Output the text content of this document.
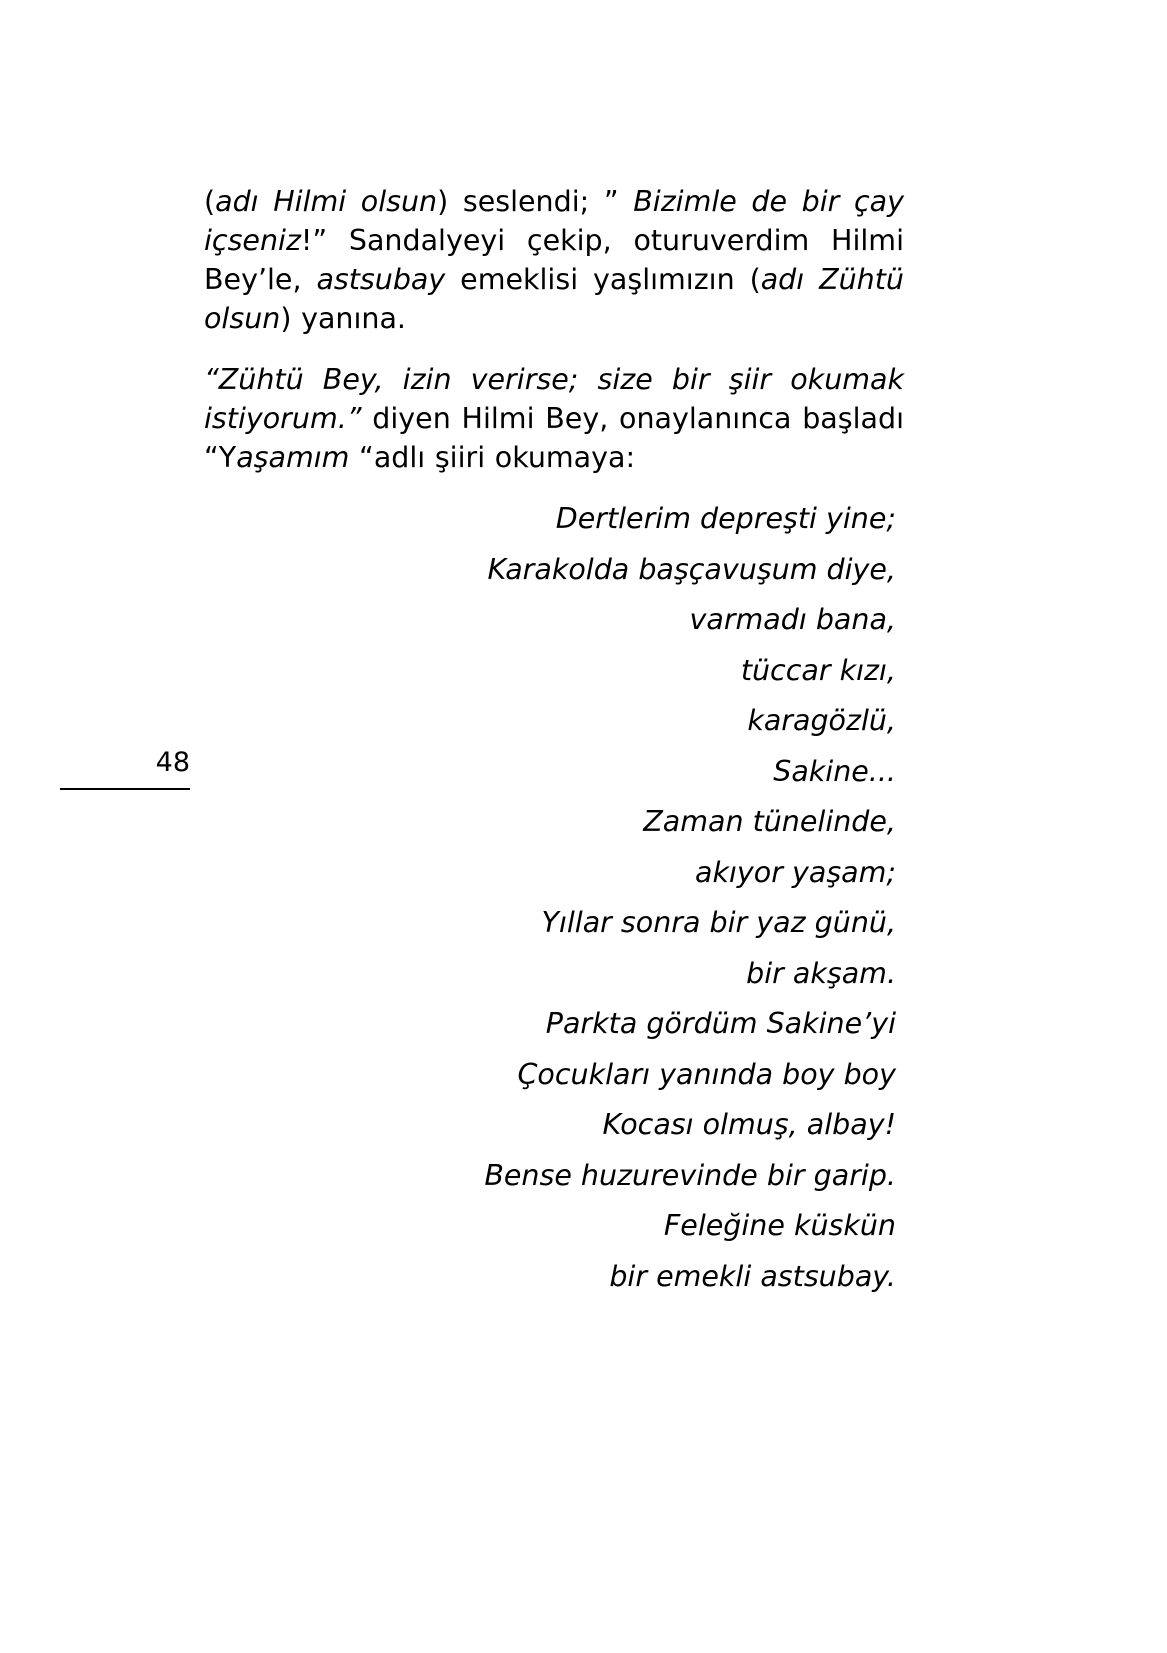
48

(adı Hilmi olsun) seslendi; ” Bizimle de bir çay içseniz!” Sandalyeyi çekip, oturuverdim Hilmi Bey’le, astsubay emeklisi yaşlımızın (adı Zühtü olsun) yanına.

“Zühtü Bey, izin verirse; size bir şiir okumak istiyorum.” diyen Hilmi Bey, onaylanınca başladı “Yaşamım “adlı şiiri okumaya:

Dertlerim depreşti yine;
Karakolda başçavuşum diye,
varmadı bana,
tüccar kızı,
karagözlü,
Sakine...
Zaman tünelinde,
akıyor yaşam;
Yıllar sonra bir yaz günü,
bir akşam.
Parkta gördüm Sakine’yi
Çocukları yanında boy boy
Kocası olmuş, albay!
Bense huzurevinde bir garip.
Feleğine küskün
bir emekli astsubay.
